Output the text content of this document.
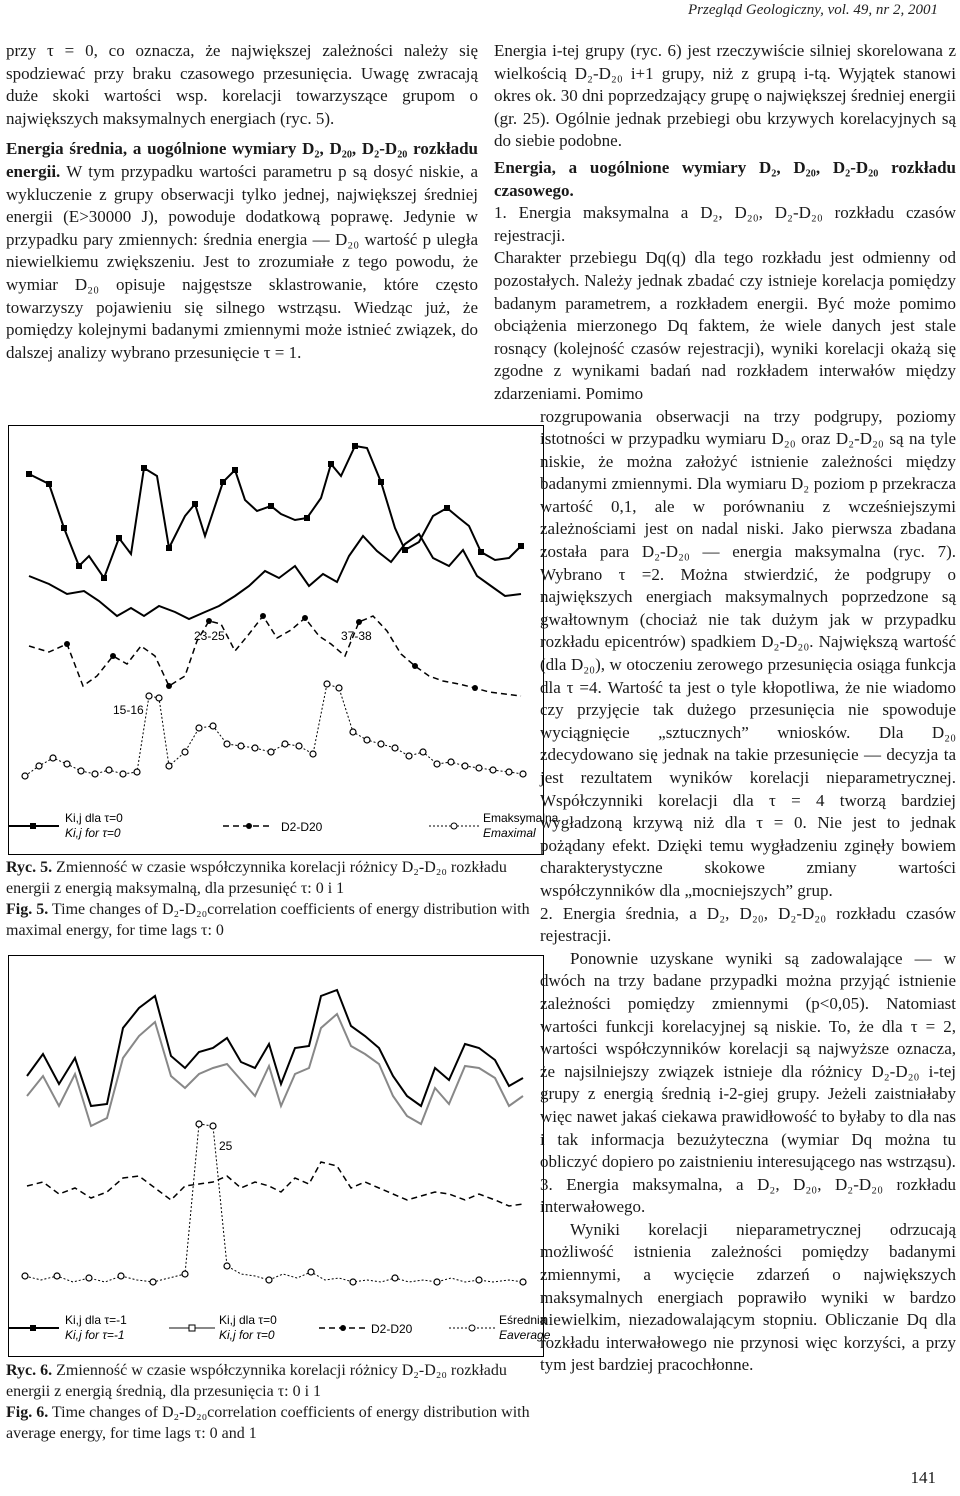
Przegląd Geologiczny, vol. 49, nr 2, 2001

przy τ = 0, co oznacza, że największej zależności należy się spodziewać przy braku czasowego przesunięcia. Uwagę zwracają duże skoki wartości wsp. korelacji towarzyszące grupom o największych maksymalnych energiach (ryc. 5).

Energia średnia, a uogólnione wymiary D₂, D₂₀, D₂-D₂₀ rozkładu energii. W tym przypadku wartości parametru p są dosyć niskie, a wykluczenie z grupy obserwacji tylko jednej, największej średniej energii (E>30000 J), powoduje dodatkową poprawę. Jedynie w przypadku pary zmiennych: średnia energia — D₂₀ wartość p uległa niewielkiemu zwiększeniu. Jest to zrozumiałe z tego powodu, że wymiar D₂₀ opisuje najgęstsze sklastrowanie, które często towarzyszy pojawieniu się silnego wstrząsu. Wiedząc już, że pomiędzy kolejnymi badanymi zmiennymi może istnieć związek, do dalszej analizy wybrano przesunięcie τ = 1.

23-25	37-38
15-16
Ki,j dla τ=0
Ki,j for τ=0	D2-D20
Emaksymalna
Emaximal
Ryc. 5. Zmienność w czasie współczynnika korelacji różnicy D₂-D₂₀ rozkładu energii z energią maksymalną, dla przesunięć τ: 0 i 1
Fig. 5. Time changes of D₂-D₂₀correlation coefficients of energy distribution with maximal energy, for time lags τ: 0
25
Ki,j dla τ=-1
Ki,j for τ=-1
Ki,j dla τ=0
Ki,j for τ=0	D2-D20
Eśrednia
Eaverage
Ryc. 6. Zmienność w czasie współczynnika korelacji różnicy D₂-D₂₀ rozkładu energii z energią średnią, dla przesunięcia τ: 0 i 1
Fig. 6. Time changes of D₂-D₂₀correlation coefficients of energy distribution with average energy, for time lags τ: 0 and 1

Energia i-tej grupy (ryc. 6) jest rzeczywiście silniej skorelowana z wielkością D₂-D₂₀ i+1 grupy, niż z grupą i-tą. Wyjątek stanowi okres ok. 30 dni poprzedzający grupę o największej średniej energii (gr. 25). Ogólnie jednak przebiegi obu krzywych korelacyjnych są do siebie podobne.

Energia, a uogólnione wymiary D₂, D₂₀, D₂-D₂₀ rozkładu czasowego.

1. Energia maksymalna a D₂, D₂₀, D₂-D₂₀ rozkładu czasów rejestracji.

Charakter przebiegu Dq(q) dla tego rozkładu jest odmienny od pozostałych. Należy jednak zbadać czy istnieje korelacja pomiędzy badanym parametrem, a rozkładem energii. Być może pomimo obciążenia mierzonego Dq faktem, że wiele danych jest stale rosnący (kolejność czasów rejestracji), wyniki korelacji okażą się zgodne z wynikami badań nad rozkładem interwałów między zdarzeniami. Pomimo

rozgrupowania obserwacji na trzy podgrupy, poziomy istotności w przypadku wymiaru D₂₀ oraz D₂-D₂₀ są na tyle niskie, że można założyć istnienie zależności między badanymi zmiennymi. Dla wymiaru D₂ poziom p przekracza wartość 0,1, ale w porównaniu z wcześniejszymi zależnościami jest on nadal niski. Jako pierwsza zbadana została para D₂-D₂₀ — energia maksymalna (ryc. 7). Wybrano τ =2. Można stwierdzić, że podgrupy o największych energiach maksymalnych poprzedzone są gwałtownym (chociaż nie tak dużym jak w przypadku rozkładu epicentrów) spadkiem D₂-D₂₀. Największą wartość (dla D₂₀), w otoczeniu zerowego przesunięcia osiąga funkcja dla τ =4. Wartość ta jest o tyle kłopotliwa, że nie wiadomo czy przyjęcie tak dużego przesunięcia nie spowoduje wyciągnięcie „sztucznych” wniosków. Dla D₂₀ zdecydowano się jednak na takie przesunięcie — decyzja ta jest rezultatem wyników korelacji nieparametrycznej. Współczynniki korelacji dla τ = 4 tworzą bardziej wygładzoną krzywą niż dla τ = 0. Nie jest to jednak pożądany efekt. Dzięki temu wygładzeniu zginęły bowiem charakterystyczne skokowe zmiany wartości współczynników dla „mocniejszych” grup.

2. Energia średnia, a D₂, D₂₀, D₂-D₂₀ rozkładu czasów rejestracji.

Ponownie uzyskane wyniki są zadowalające — w dwóch na trzy badane przypadki można przyjąć istnienie zależności pomiędzy zmiennymi (p<0,05). Natomiast wartości funkcji korelacyjnej są niskie. To, że dla τ = 2, wartości współczynników korelacji są najwyższe oznacza, że najsilniejszy związek istnieje dla różnicy D₂-D₂₀ i-tej grupy z energią średnią i-2-giej grupy. Jeżeli zaistniałaby więc nawet jakaś ciekawa prawidłowość to byłaby to dla nas i tak informacja bezużyteczna (wymiar Dq można tu obliczyć dopiero po zaistnieniu interesującego nas wstrząsu).

3. Energia maksymalna, a D₂, D₂₀, D₂-D₂₀ rozkładu interwałowego.

Wyniki korelacji nieparametrycznej odrzucają możliwość istnienia zależności pomiędzy badanymi zmiennymi, a wycięcie zdarzeń o największych maksymalnych energiach poprawiło wyniki w bardzo niewielkim, niezadowalającym stopniu. Obliczanie Dq dla rozkładu interwałowego nie przynosi więc korzyści, a przy tym jest bardziej pracochłonne.

141
